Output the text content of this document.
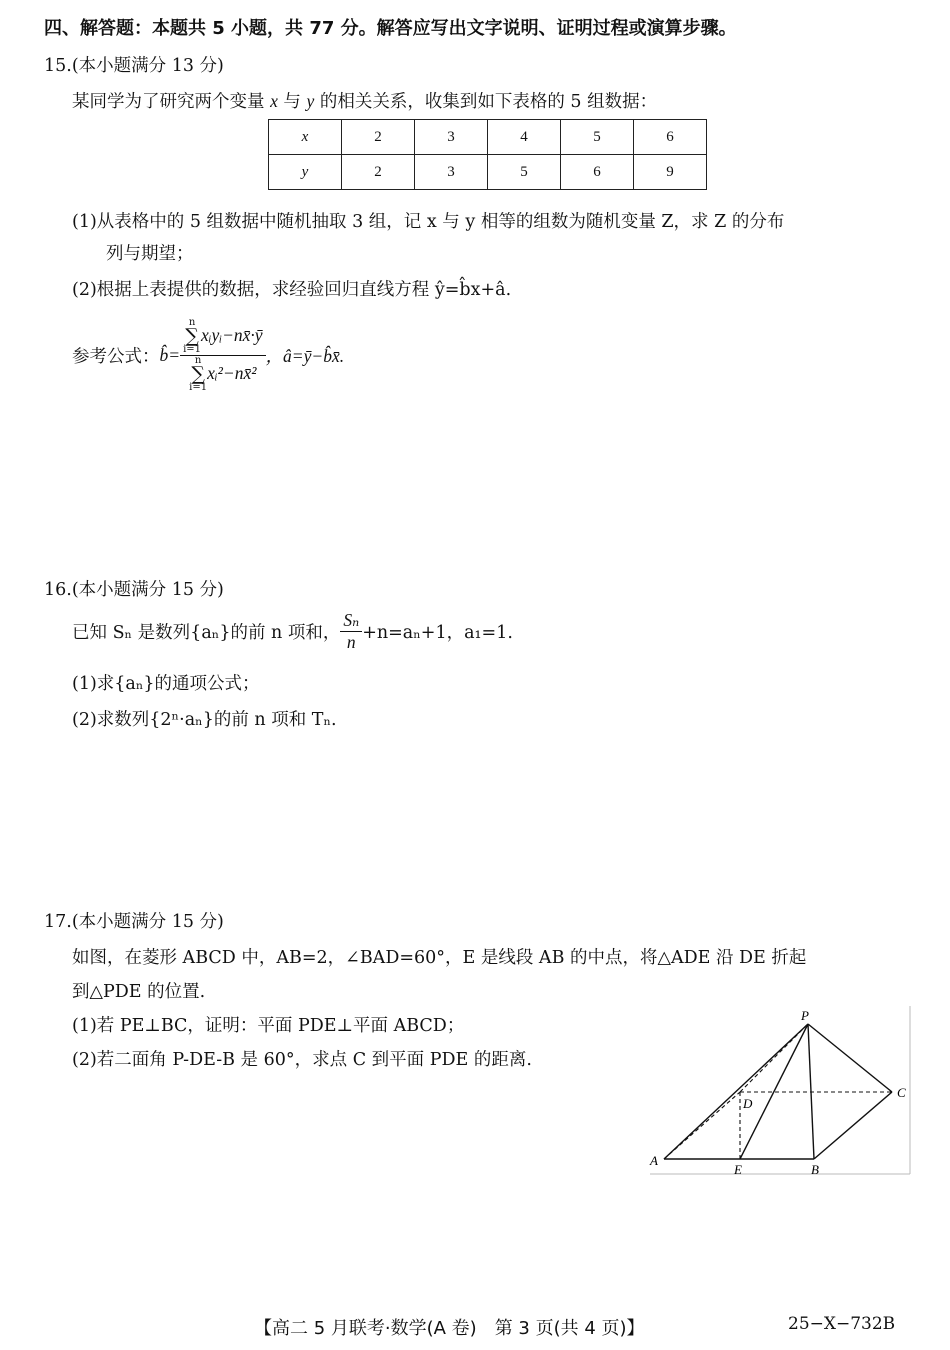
四、解答题：本题共 5 小题，共 77 分。解答应写出文字说明、证明过程或演算步骤。
15.(本小题满分 13 分)
某同学为了研究两个变量 x 与 y 的相关关系，收集到如下表格的 5 组数据：
x	2	3	4	5	6
y	2	3	5	6	9
(1)从表格中的 5 组数据中随机抽取 3 组，记 x 与 y 相等的组数为随机变量 Z，求 Z 的分布
列与期望；
(2)根据上表提供的数据，求经验回归直线方程 ŷ=b̂x+â.
参考公式：b̂= n
∑
i=1xᵢyᵢ−nx̄·ȳ
n
∑
i=1xᵢ²−nx̄² ，â=ȳ−b̂x̄.
16.(本小题满分 15 分)
已知 Sₙ 是数列{aₙ}的前 n 项和， $\frac{\text{Sₙ}}{n} +n=a_n+1$，a₁=1.
(1)求{aₙ}的通项公式；
(2)求数列{2ⁿ·aₙ}的前 n 项和 Tₙ.
17.(本小题满分 15 分)
如图，在菱形 ABCD 中，AB=2，∠BAD=60°，E 是线段 AB 的中点，将△ADE 沿 DE 折起
到△PDE 的位置.
(1)若 PE⊥BC，证明：平面 PDE⊥平面 ABCD；
(2)若二面角 P-DE-B 是 60°，求点 C 到平面 PDE 的距离.
P
C
D
A
E	B
【高二 5 月联考·数学(A 卷)　第 3 页(共 4 页)】	25−X−732B
